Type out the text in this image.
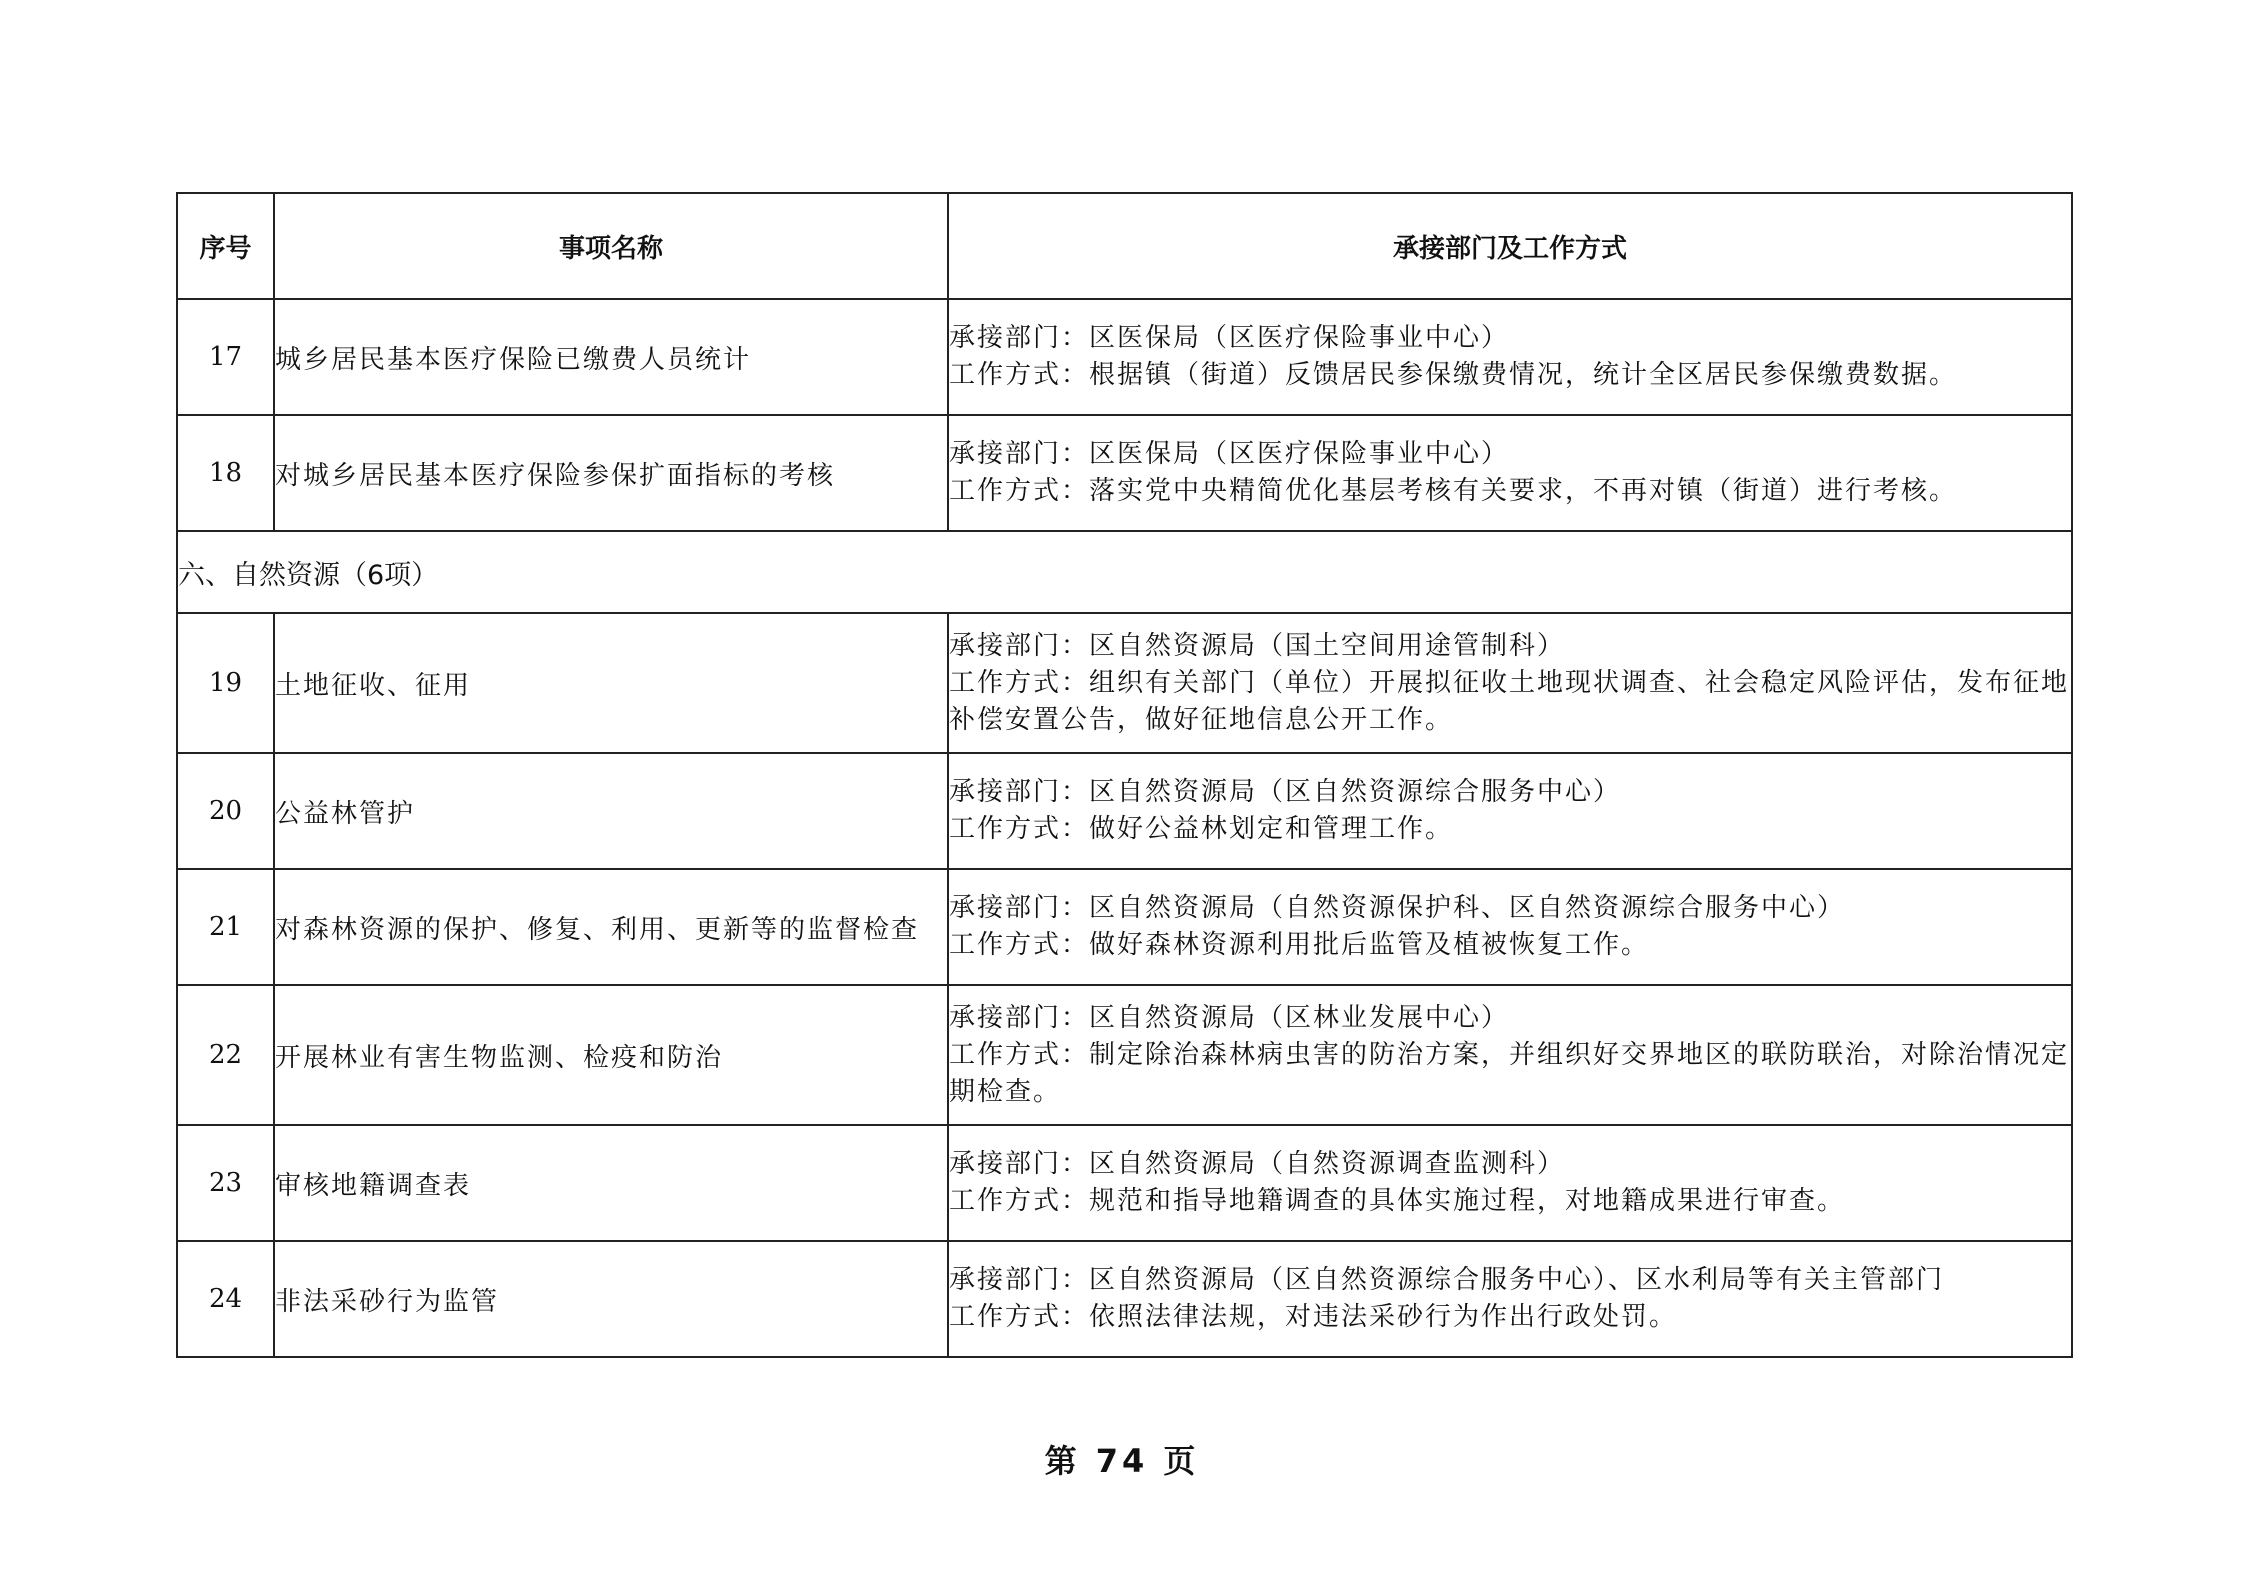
序号	事项名称	承接部门及工作方式
17	城乡居民基本医疗保险已缴费人员统计	承接部门：区医保局（区医疗保险事业中心）
工作方式：根据镇（街道）反馈居民参保缴费情况，统计全区居民参保缴费数据。

18	对城乡居民基本医疗保险参保扩面指标的考核	承接部门：区医保局（区医疗保险事业中心）
工作方式：落实党中央精简优化基层考核有关要求，不再对镇（街道）进行考核。

六、自然资源（6项）		
19	土地征收、征用	承接部门：区自然资源局（国土空间用途管制科）
工作方式：组织有关部门（单位）开展拟征收土地现状调查、社会稳定风险评估，发布征地补偿安置公告，做好征地信息公开工作。

20	公益林管护	承接部门：区自然资源局（区自然资源综合服务中心）
工作方式：做好公益林划定和管理工作。

21	对森林资源的保护、修复、利用、更新等的监督检查	承接部门：区自然资源局（自然资源保护科、区自然资源综合服务中心）
工作方式：做好森林资源利用批后监管及植被恢复工作。

22	开展林业有害生物监测、检疫和防治	承接部门：区自然资源局（区林业发展中心）
工作方式：制定除治森林病虫害的防治方案，并组织好交界地区的联防联治，对除治情况定期检查。

23	审核地籍调查表	承接部门：区自然资源局（自然资源调查监测科）
工作方式：规范和指导地籍调查的具体实施过程，对地籍成果进行审查。

24	非法采砂行为监管	承接部门：区自然资源局（区自然资源综合服务中心）、区水利局等有关主管部门
工作方式：依照法律法规，对违法采砂行为作出行政处罚。
第 74 页
